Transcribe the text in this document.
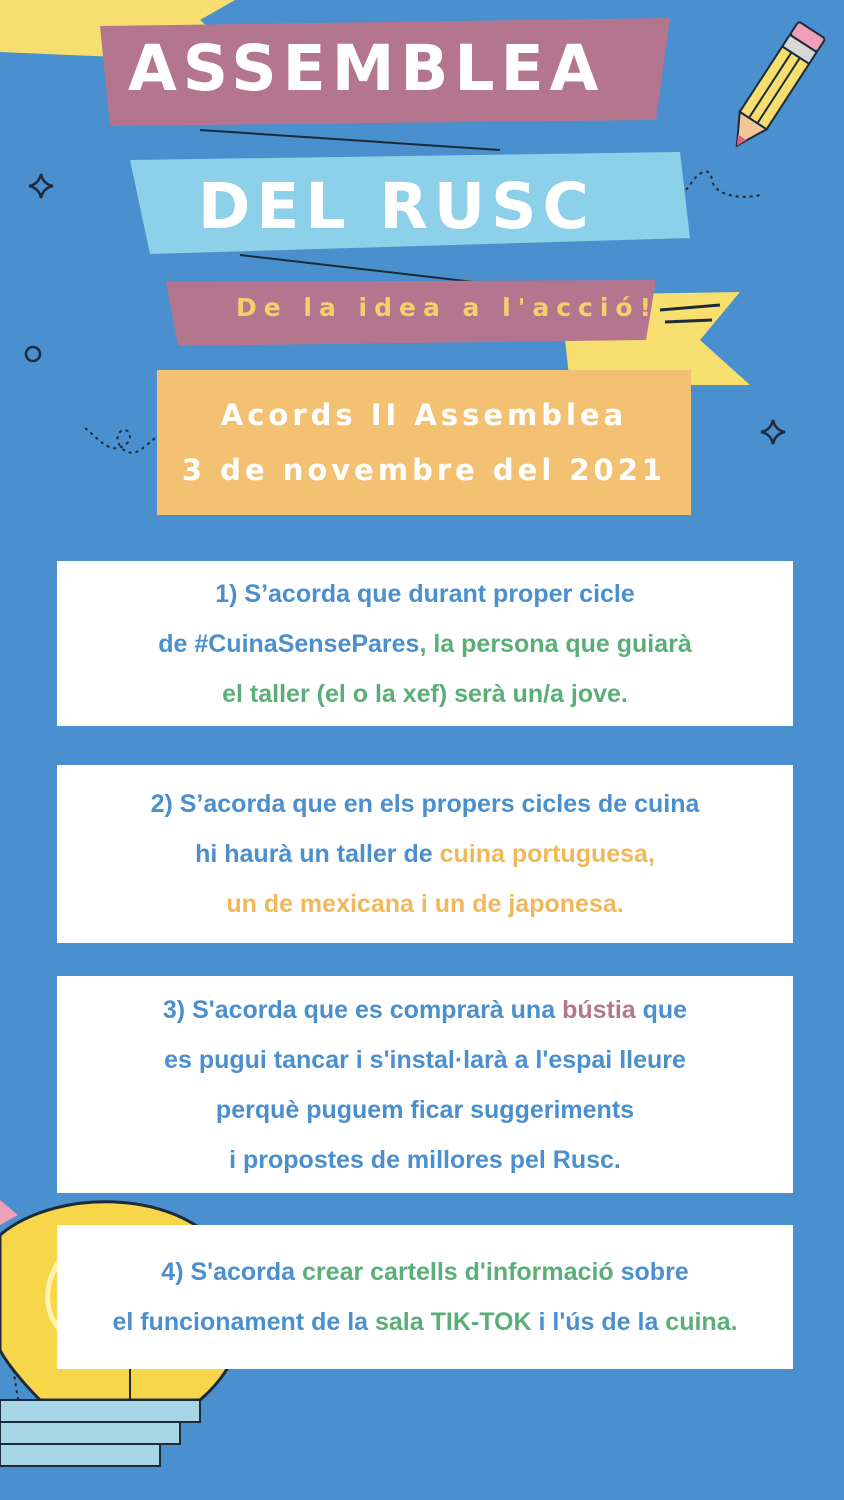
ASSEMBLEA
DEL RUSC
De la idea a l'acció!
Acords II Assemblea
3 de novembre del 2021
1) S’acorda que durant proper cicle
de #CuinaSensePares, la persona que guiarà
el taller (el o la xef) serà un/a jove.
2) S’acorda que en els propers cicles de cuina
hi haurà un taller de cuina portuguesa,
un de mexicana i un de japonesa.
3) S'acorda que es comprarà una bústia que
es pugui tancar i s'instal·larà a l'espai lleure
perquè puguem ficar suggeriments
i propostes de millores pel Rusc.
4) S'acorda crear cartells d'informació sobre
el funcionament de la sala TIK-TOK i l'ús de la cuina.
